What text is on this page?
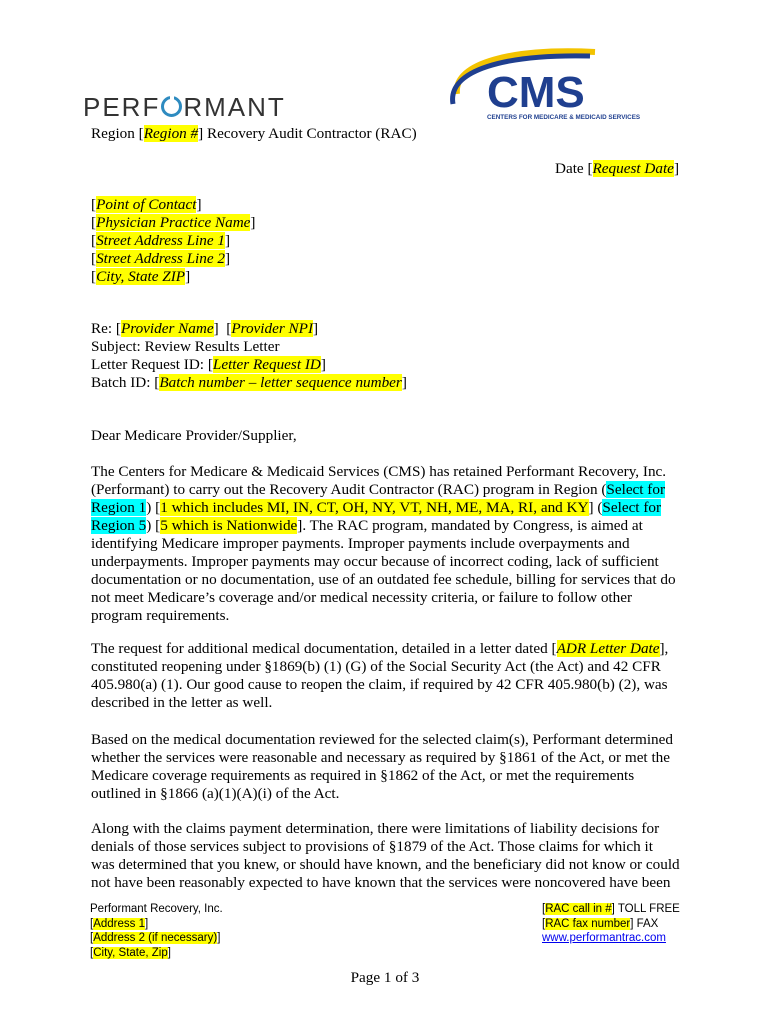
PERF RMANT	CMS
CENTERS FOR MEDICARE & MEDICAID SERVICES
Region [Region #] Recovery Audit Contractor (RAC)
Date [Request Date]
[Point of Contact]
[Physician Practice Name]
[Street Address Line 1]
[Street Address Line 2]
[City, State ZIP]
Re: [Provider Name]  [Provider NPI]
Subject: Review Results Letter
Letter Request ID: [Letter Request ID]
Batch ID: [Batch number – letter sequence number]
Dear Medicare Provider/Supplier,
The Centers for Medicare & Medicaid Services (CMS) has retained Performant Recovery, Inc.
(Performant) to carry out the Recovery Audit Contractor (RAC) program in Region (Select for
Region 1) [1 which includes MI, IN, CT, OH, NY, VT, NH, ME, MA, RI, and KY] (Select for
Region 5) [5 which is Nationwide]. The RAC program, mandated by Congress, is aimed at
identifying Medicare improper payments. Improper payments include overpayments and
underpayments. Improper payments may occur because of incorrect coding, lack of sufficient
documentation or no documentation, use of an outdated fee schedule, billing for services that do
not meet Medicare’s coverage and/or medical necessity criteria, or failure to follow other
program requirements.
The request for additional medical documentation, detailed in a letter dated [ADR Letter Date],
constituted reopening under §1869(b) (1) (G) of the Social Security Act (the Act) and 42 CFR
405.980(a) (1). Our good cause to reopen the claim, if required by 42 CFR 405.980(b) (2), was
described in the letter as well.
Based on the medical documentation reviewed for the selected claim(s), Performant determined
whether the services were reasonable and necessary as required by §1861 of the Act, or met the
Medicare coverage requirements as required in §1862 of the Act, or met the requirements
outlined in §1866 (a)(1)(A)(i) of the Act.
Along with the claims payment determination, there were limitations of liability decisions for
denials of those services subject to provisions of §1879 of the Act. Those claims for which it
was determined that you knew, or should have known, and the beneficiary did not know or could
not have been reasonably expected to have known that the services were noncovered have been
Performant Recovery, Inc.
[Address 1]
[Address 2 (if necessary)]
[City, State, Zip]
[RAC call in #] TOLL FREE
[RAC fax number] FAX
www.performantrac.com
Page 1 of 3
